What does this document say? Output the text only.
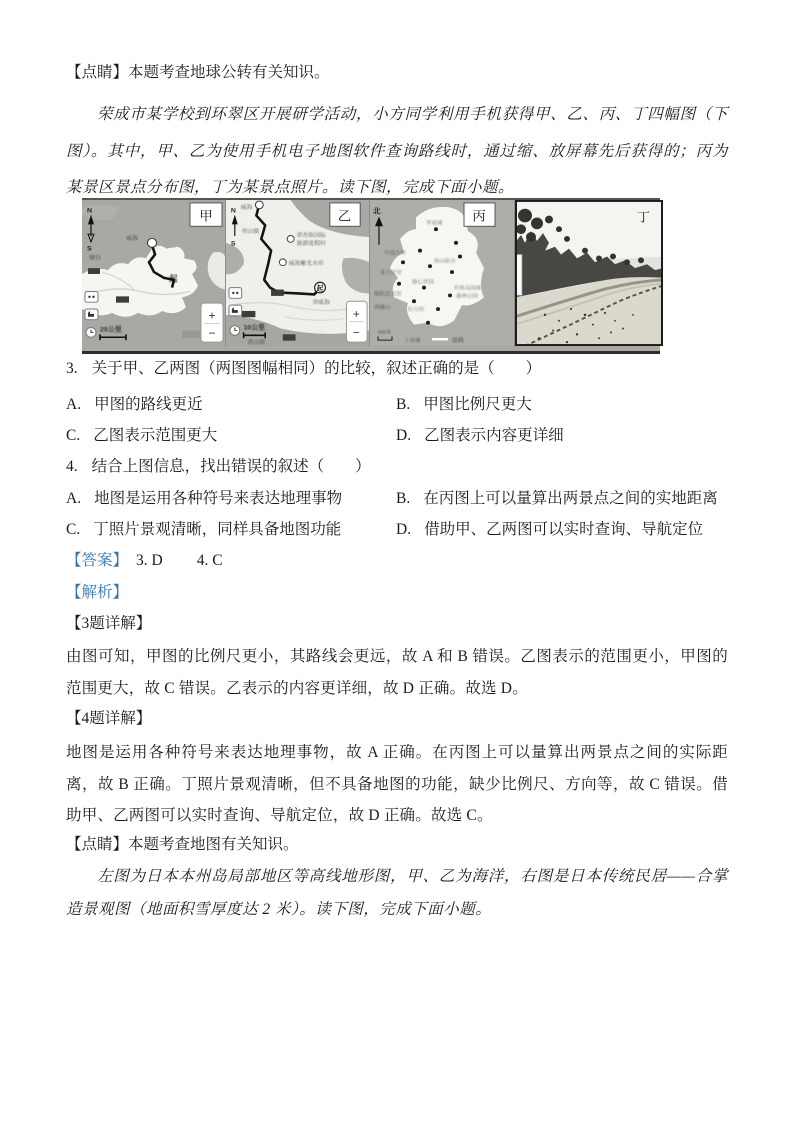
【点睛】本题考查地球公转有关知识。
荣成市某学校到环翠区开展研学活动，小方同学利用手机获得甲、乙、丙、丁四幅图（下图）。其中，甲、乙为使用手机电子地图软件查询路线时，通过缩、放屏幕先后获得的；丙为某景区景点分布图，丁为某景点照片。读下图，完成下面小题。
烟台
威海
起
N
S
25公里
甲
+
−
威海
N
S
翠杏街国际
旅游度假村
威海紫光水库
里山镇
起
省威海
黄山镇
10公里
乙
+
−
北
华夏城
焦山险台
中国九村
某大学堂
静心世园
钓鱼岛国家
森林公园
朝阳艺术馆
神雕山	红豆杉
丙
500米
十里滩	道路
丁
3. 关于甲、乙两图（两图图幅相同）的比较，叙述正确的是（　　）
A. 甲图的路线更近	B. 甲图比例尺更大
C. 乙图表示范围更大	D. 乙图表示内容更详细
4. 结合上图信息，找出错误的叙述（　　）
A. 地图是运用各种符号来表达地理事物	B. 在丙图上可以量算出两景点之间的实地距离
C. 丁照片景观清晰，同样具备地图功能	D. 借助甲、乙两图可以实时查询、导航定位
【答案】 3. D 4. C
【解析】
【3题详解】
由图可知，甲图的比例尺更小，其路线会更远，故 A 和 B 错误。乙图表示的范围更小，甲图的范围更大，故 C 错误。乙表示的内容更详细，故 D 正确。故选 D。
【4题详解】
地图是运用各种符号来表达地理事物，故 A 正确。在丙图上可以量算出两景点之间的实际距离，故 B 正确。丁照片景观清晰，但不具备地图的功能，缺少比例尺、方向等，故 C 错误。借助甲、乙两图可以实时查询、导航定位，故 D 正确。故选 C。
【点睛】本题考查地图有关知识。
左图为日本本州岛局部地区等高线地形图，甲、乙为海洋，右图是日本传统民居——合掌造景观图（地面积雪厚度达 2 米）。读下图，完成下面小题。
